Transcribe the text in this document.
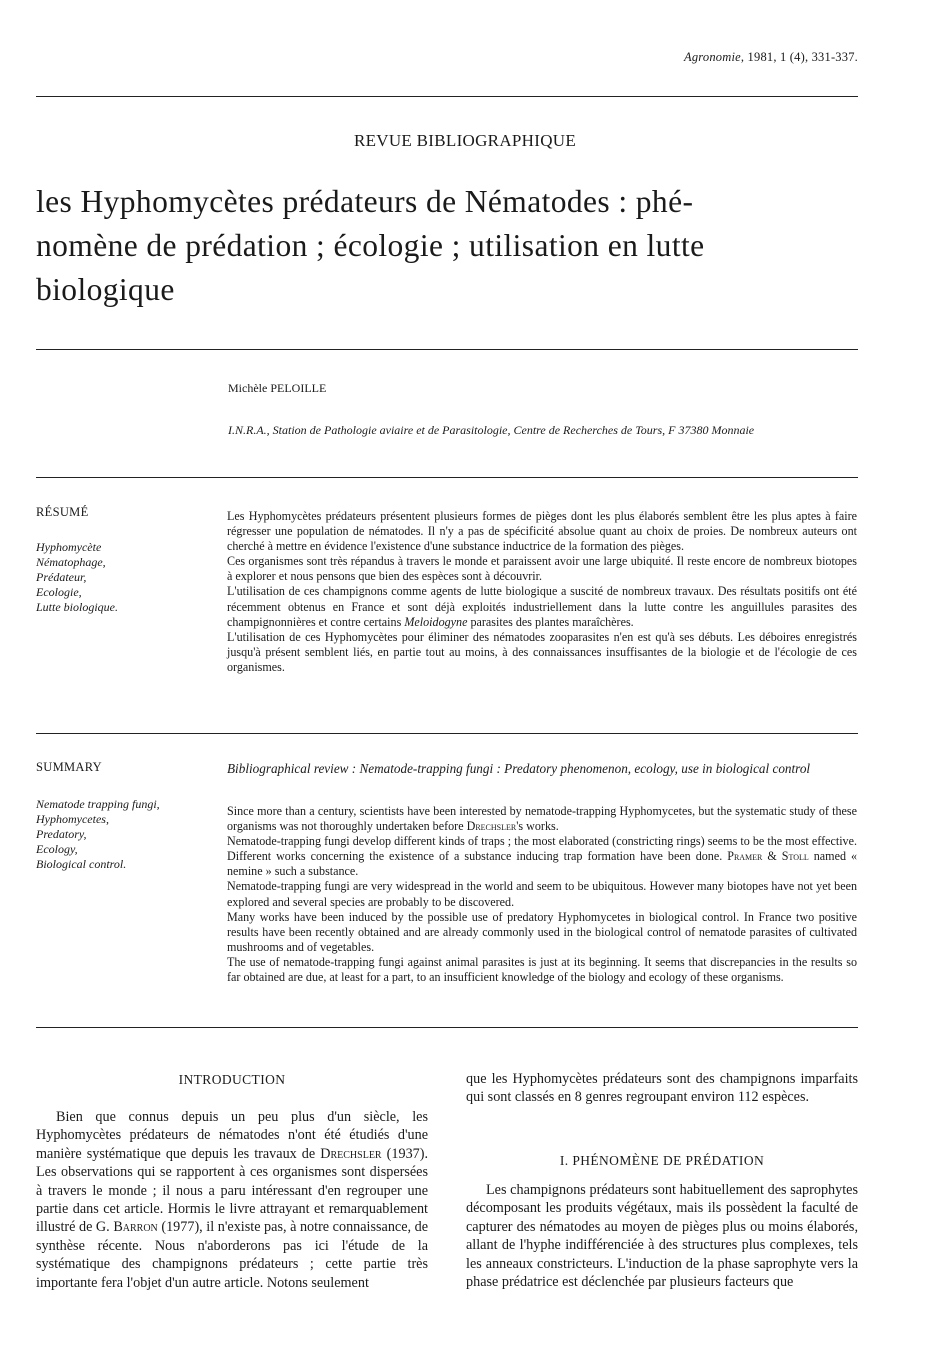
Agronomie, 1981, 1 (4), 331-337.
REVUE BIBLIOGRAPHIQUE
les Hyphomycètes prédateurs de Nématodes : phé-
nomène de prédation ; écologie ; utilisation en lutte
biologique
Michèle PELOILLE
I.N.R.A., Station de Pathologie aviaire et de Parasitologie, Centre de Recherches de Tours, F 37380 Monnaie
RÉSUMÉ
Hyphomycète
Nématophage,
Prédateur,
Ecologie,
Lutte biologique.

Les Hyphomycètes prédateurs présentent plusieurs formes de pièges dont les plus élaborés semblent être les plus aptes à faire régresser une population de nématodes. Il n'y a pas de spécificité absolue quant au choix de proies. De nombreux auteurs ont cherché à mettre en évidence l'existence d'une substance inductrice de la formation des pièges.

Ces organismes sont très répandus à travers le monde et paraissent avoir une large ubiquité. Il reste encore de nombreux biotopes à explorer et nous pensons que bien des espèces sont à découvrir.

L'utilisation de ces champignons comme agents de lutte biologique a suscité de nombreux travaux. Des résultats positifs ont été récemment obtenus en France et sont déjà exploités industriellement dans la lutte contre les anguillules parasites des champignonnières et contre certains Meloidogyne parasites des plantes maraîchères.

L'utilisation de ces Hyphomycètes pour éliminer des nématodes zooparasites n'en est qu'à ses débuts. Les déboires enregistrés jusqu'à présent semblent liés, en partie tout au moins, à des connaissances insuffisantes de la biologie et de l'écologie de ces organismes.

SUMMARY
Nematode trapping fungi,
Hyphomycetes,
Predatory,
Ecology,
Biological control.
Bibliographical review : Nematode-trapping fungi : Predatory phenomenon, ecology, use in biological control

Since more than a century, scientists have been interested by nematode-trapping Hyphomycetes, but the systematic study of these organisms was not thoroughly undertaken before Drechsler's works.

Nematode-trapping fungi develop different kinds of traps ; the most elaborated (constricting rings) seems to be the most effective. Different works concerning the existence of a substance inducing trap formation have been done. Pramer & Stoll named « nemine » such a substance.

Nematode-trapping fungi are very widespread in the world and seem to be ubiquitous. However many biotopes have not yet been explored and several species are probably to be discovered.

Many works have been induced by the possible use of predatory Hyphomycetes in biological control. In France two positive results have been recently obtained and are already commonly used in the biological control of nematode parasites of cultivated mushrooms and of vegetables.

The use of nematode-trapping fungi against animal parasites is just at its beginning. It seems that discrepancies in the results so far obtained are due, at least for a part, to an insufficient knowledge of the biology and ecology of these organisms.

INTRODUCTION

Bien que connus depuis un peu plus d'un siècle, les Hyphomycètes prédateurs de nématodes n'ont été étudiés d'une manière systématique que depuis les travaux de Drechsler (1937). Les observations qui se rapportent à ces organismes sont dispersées à travers le monde ; il nous a paru intéressant d'en regrouper une partie dans cet article. Hormis le livre attrayant et remarquablement illustré de G. Barron (1977), il n'existe pas, à notre connaissance, de synthèse récente. Nous n'aborderons pas ici l'étude de la systématique des champignons prédateurs ; cette partie très importante fera l'objet d'un autre article. Notons seulement

que les Hyphomycètes prédateurs sont des champignons imparfaits qui sont classés en 8 genres regroupant environ 112 espèces.

I. PHÉNOMÈNE DE PRÉDATION

Les champignons prédateurs sont habituellement des saprophytes décomposant les produits végétaux, mais ils possèdent la faculté de capturer des nématodes au moyen de pièges plus ou moins élaborés, allant de l'hyphe indifférenciée à des structures plus complexes, tels les anneaux constricteurs. L'induction de la phase saprophyte vers la phase prédatrice est déclenchée par plusieurs facteurs que
